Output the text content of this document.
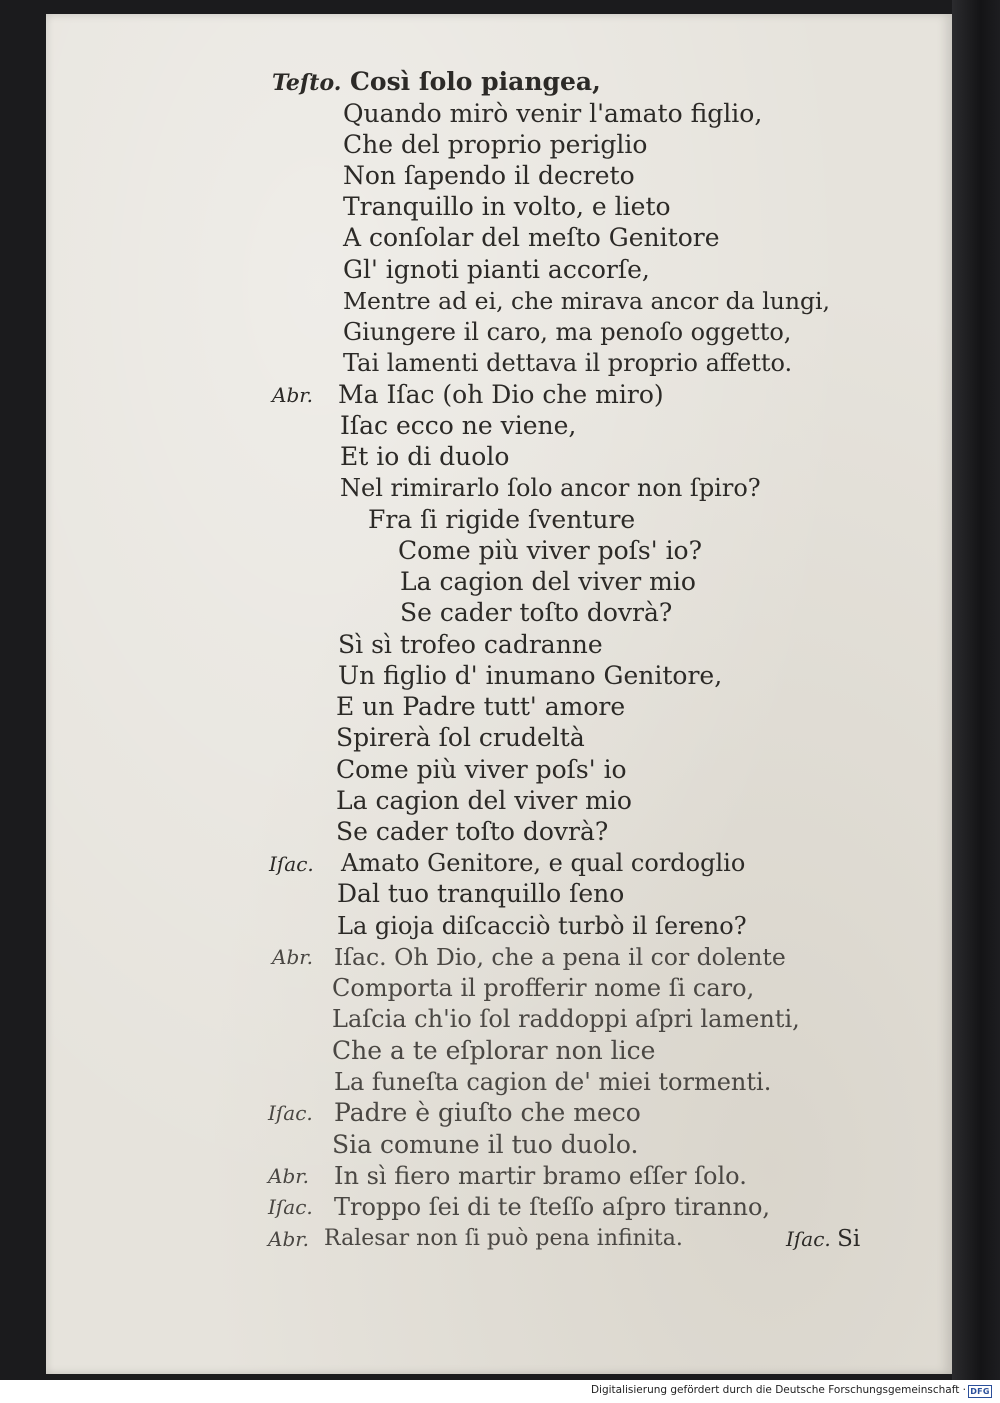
Teſto. Così ſolo piangea,
Quando mirò venir l'amato figlio,
Che del proprio periglio
Non ſapendo il decreto
Tranquillo in volto, e lieto
A conſolar del meſto Genitore
Gl' ignoti pianti accorſe,
Mentre ad ei, che mirava ancor da lungi,
Giungere il caro, ma penoſo oggetto,
Tai lamenti dettava il proprio affetto.
Abr. Ma Iſac (oh Dio che miro)
Iſac ecco ne viene,
Et io di duolo
Nel rimirarlo ſolo ancor non ſpiro?
Fra ſi rigide ſventure
Come più viver poſs' io?
La cagion del viver mio
Se cader toſto dovrà?
Sì sì trofeo cadranne
Un figlio d' inumano Genitore,
E un Padre tutt' amore
Spirerà ſol crudeltà
Come più viver poſs' io
La cagion del viver mio
Se cader toſto dovrà?
Iſac. Amato Genitore, e qual cordoglio
Dal tuo tranquillo ſeno
La gioja diſcacciò turbò il ſereno?
Abr. Iſac. Oh Dio, che a pena il cor dolente
Comporta il profferir nome ſi caro,
Laſcia ch'io ſol raddoppi aſpri lamenti,
Che a te eſplorar non lice
La funeſta cagion de' miei tormenti.
Iſac. Padre è giuſto che meco
Sia comune il tuo duolo.
Abr. In sì fiero martir bramo eſſer ſolo.
Iſac. Troppo ſei di te ſteſſo aſpro tiranno,
Abr. Ralesar non ſi può pena infinita.	Iſac. Si
Digitalisierung gefördert durch die Deutsche Forschungsgemeinschaft · DFG
